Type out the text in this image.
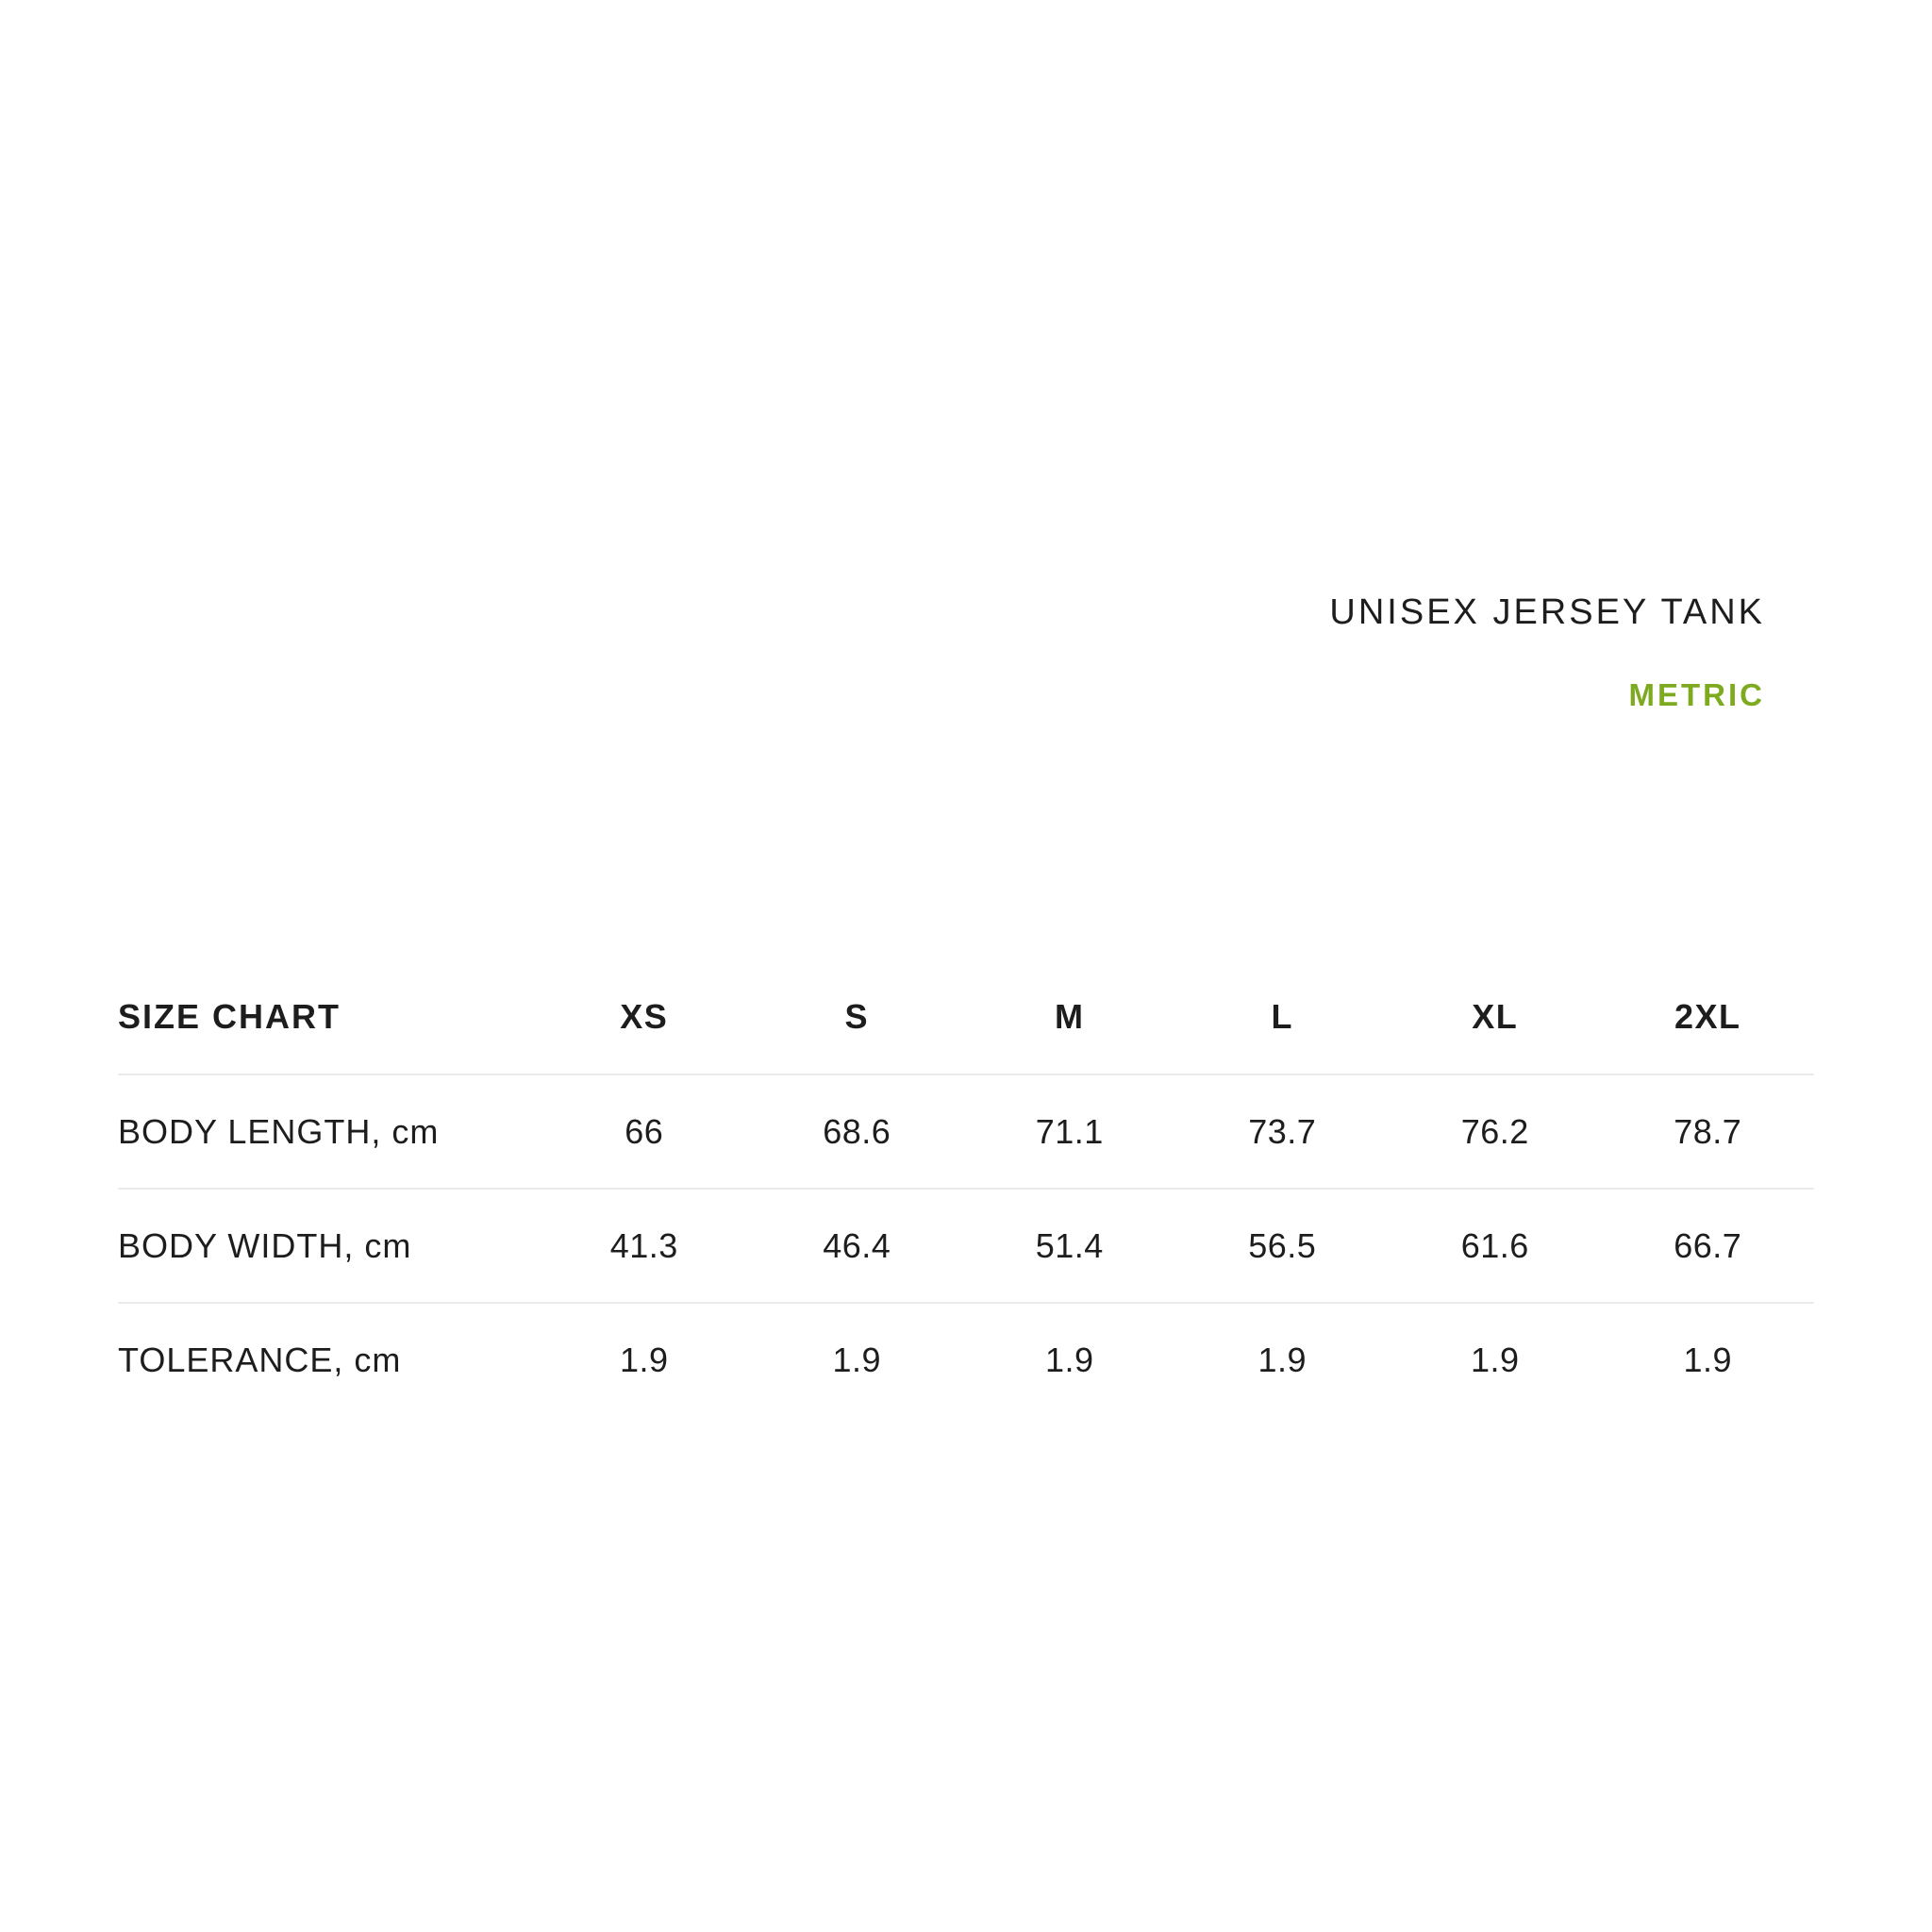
UNISEX JERSEY TANK
METRIC
SIZE CHART	XS	S	M	L	XL	2XL
BODY LENGTH, cm	66	68.6	71.1	73.7	76.2	78.7
BODY WIDTH, cm	41.3	46.4	51.4	56.5	61.6	66.7
TOLERANCE, cm	1.9	1.9	1.9	1.9	1.9	1.9
